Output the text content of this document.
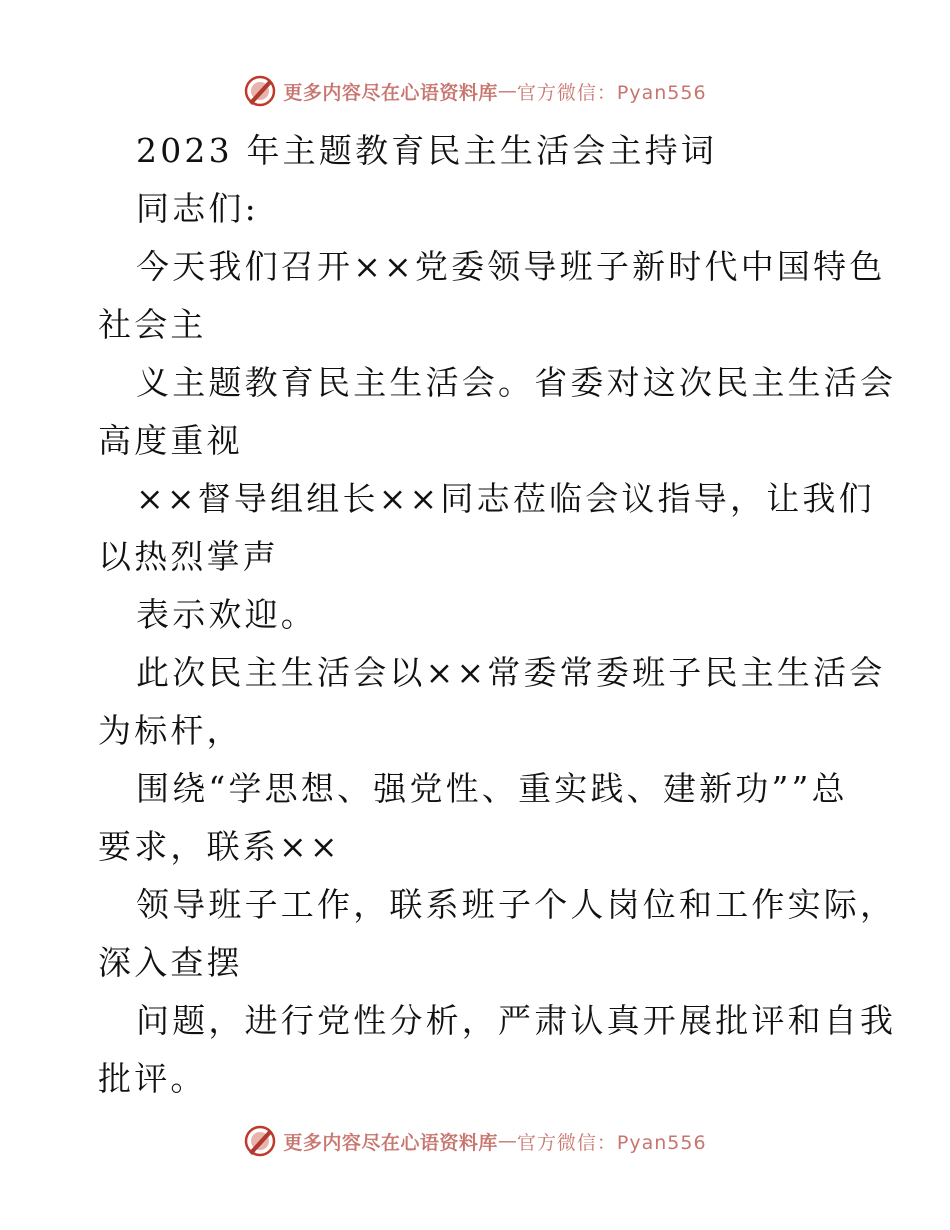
更多内容尽在心语资料库 — 官方微信：Pyan556
2023 年主题教育民主生活会主持词
同志们:
今天我们召开××党委领导班子新时代中国特色
社会主
义主题教育民主生活会。省委对这次民主生活会
高度重视
××督导组组长××同志莅临会议指导，让我们
以热烈掌声
表示欢迎。
此次民主生活会以××常委常委班子民主生活会
为标杆，
围绕“学思想、强党性、重实践、建新功””总
要求，联系××
领导班子工作，联系班子个人岗位和工作实际，
深入查摆
问题，进行党性分析，严肃认真开展批评和自我
批评。
更多内容尽在心语资料库 — 官方微信：Pyan556
